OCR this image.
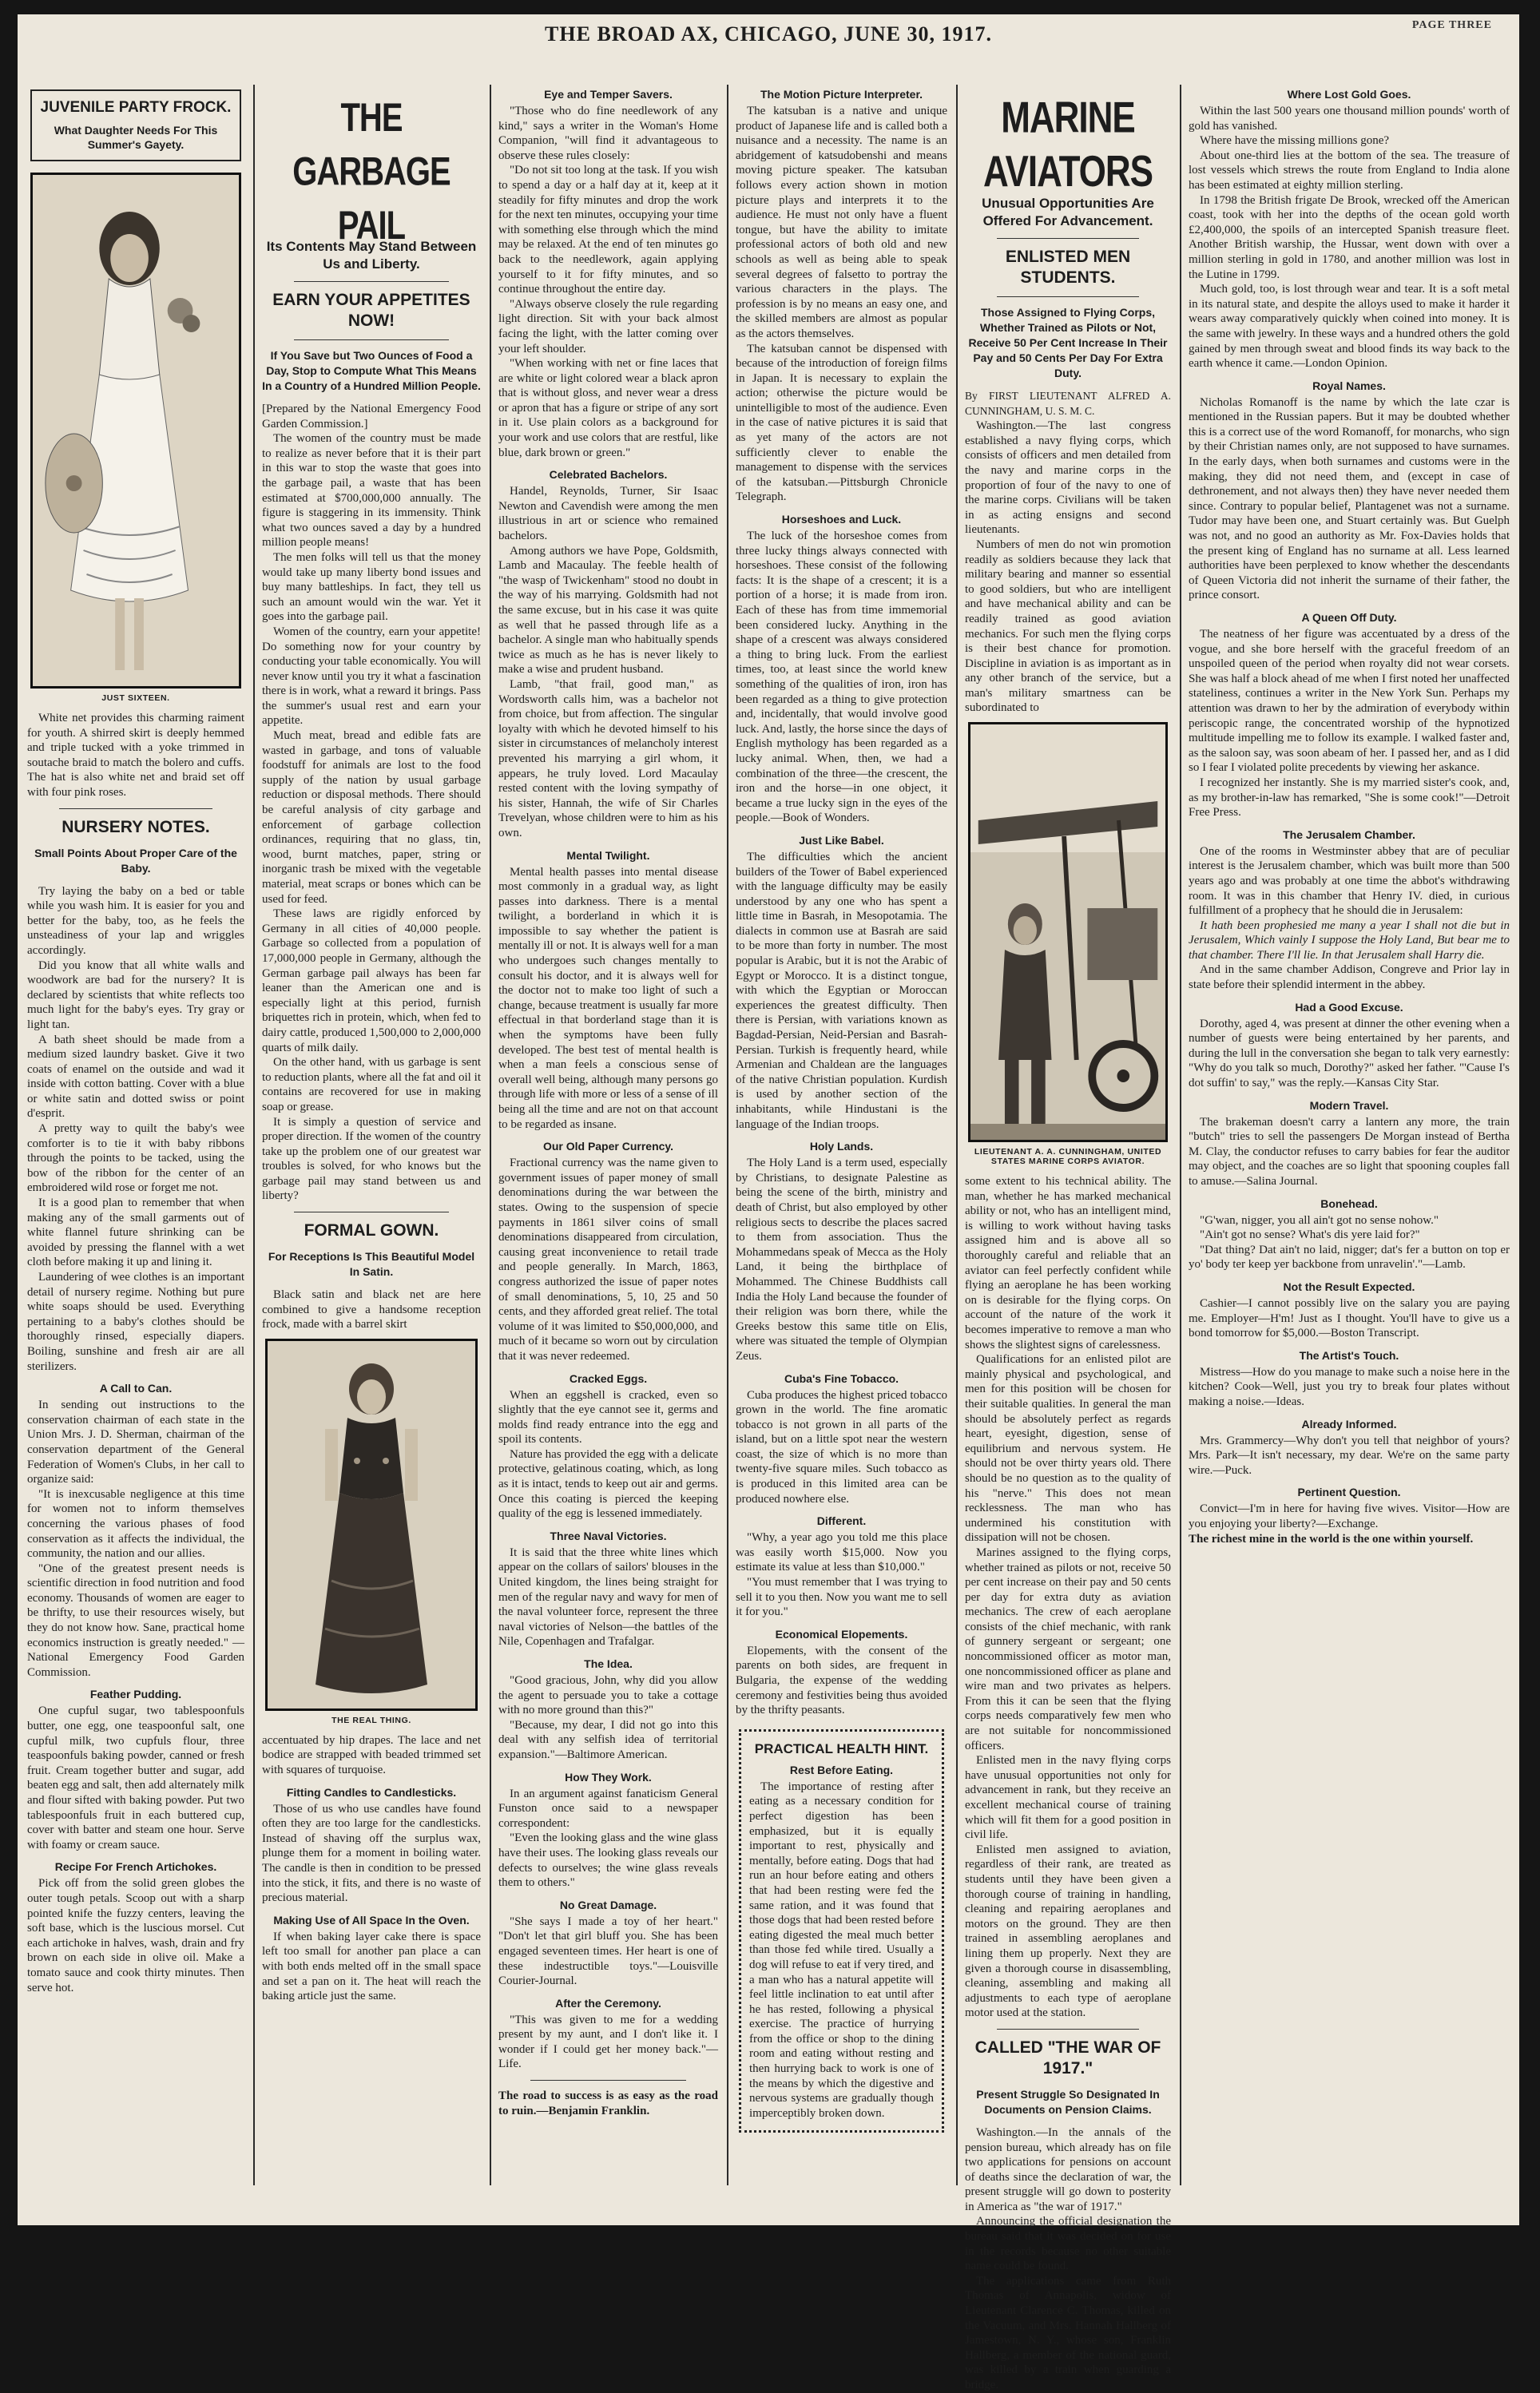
THE BROAD AX, CHICAGO, JUNE 30, 1917.	PAGE THREE
JUVENILE PARTY FROCK.
What Daughter Needs For This Summer's Gayety.
JUST SIXTEEN.

White net provides this charming raiment for youth. A shirred skirt is deeply hemmed and triple tucked with a yoke trimmed in soutache braid to match the bolero and cuffs. The hat is also white net and braid set off with four pink roses.

NURSERY NOTES.
Small Points About Proper Care of the Baby.

Try laying the baby on a bed or table while you wash him. It is easier for you and better for the baby, too, as he feels the unsteadiness of your lap and wriggles accordingly.

Did you know that all white walls and woodwork are bad for the nursery? It is declared by scientists that white reflects too much light for the baby's eyes. Try gray or light tan.

A bath sheet should be made from a medium sized laundry basket. Give it two coats of enamel on the outside and wad it inside with cotton batting. Cover with a blue or white satin and dotted swiss or point d'esprit.

A pretty way to quilt the baby's wee comforter is to tie it with baby ribbons through the points to be tacked, using the bow of the ribbon for the center of an embroidered wild rose or forget me not.

It is a good plan to remember that when making any of the small garments out of white flannel future shrinking can be avoided by pressing the flannel with a wet cloth before making it up and lining it.

Laundering of wee clothes is an important detail of nursery regime. Nothing but pure white soaps should be used. Everything pertaining to a baby's clothes should be thoroughly rinsed, especially diapers. Boiling, sunshine and fresh air are all sterilizers.

A Call to Can.

In sending out instructions to the conservation chairman of each state in the Union Mrs. J. D. Sherman, chairman of the conservation department of the General Federation of Women's Clubs, in her call to organize said:

"It is inexcusable negligence at this time for women not to inform themselves concerning the various phases of food conservation as it affects the individual, the community, the nation and our allies.

"One of the greatest present needs is scientific direction in food nutrition and food economy. Thousands of women are eager to be thrifty, to use their resources wisely, but they do not know how. Sane, practical home economics instruction is greatly needed." —National Emergency Food Garden Commission.

Feather Pudding.

One cupful sugar, two tablespoonfuls butter, one egg, one teaspoonful salt, one cupful milk, two cupfuls flour, three teaspoonfuls baking powder, canned or fresh fruit. Cream together butter and sugar, add beaten egg and salt, then add alternately milk and flour sifted with baking powder. Put two tablespoonfuls fruit in each buttered cup, cover with batter and steam one hour. Serve with foamy or cream sauce.

Recipe For French Artichokes.

Pick off from the solid green globes the outer tough petals. Scoop out with a sharp pointed knife the fuzzy centers, leaving the soft base, which is the luscious morsel. Cut each artichoke in halves, wash, drain and fry brown on each side in olive oil. Make a tomato sauce and cook thirty minutes. Then serve hot.

THE GARBAGE PAIL
Its Contents May Stand Between Us and Liberty.
EARN YOUR APPETITES NOW!
If You Save but Two Ounces of Food a Day, Stop to Compute What This Means In a Country of a Hundred Million People.

[Prepared by the National Emergency Food Garden Commission.]

The women of the country must be made to realize as never before that it is their part in this war to stop the waste that goes into the garbage pail, a waste that has been estimated at $700,000,000 annually. The figure is staggering in its immensity. Think what two ounces saved a day by a hundred million people means!

The men folks will tell us that the money would take up many liberty bond issues and buy many battleships. In fact, they tell us such an amount would win the war. Yet it goes into the garbage pail.

Women of the country, earn your appetite! Do something now for your country by conducting your table economically. You will never know until you try it what a fascination there is in work, what a reward it brings. Pass the summer's usual rest and earn your appetite.

Much meat, bread and edible fats are wasted in garbage, and tons of valuable foodstuff for animals are lost to the food supply of the nation by usual garbage reduction or disposal methods. There should be careful analysis of city garbage and enforcement of garbage collection ordinances, requiring that no glass, tin, wood, burnt matches, paper, string or inorganic trash be mixed with the vegetable material, meat scraps or bones which can be used for feed.

These laws are rigidly enforced by Germany in all cities of 40,000 people. Garbage so collected from a population of 17,000,000 people in Germany, although the German garbage pail always has been far leaner than the American one and is especially light at this period, furnish briquettes rich in protein, which, when fed to dairy cattle, produced 1,500,000 to 2,000,000 quarts of milk daily.

On the other hand, with us garbage is sent to reduction plants, where all the fat and oil it contains are recovered for use in making soap or grease.

It is simply a question of service and proper direction. If the women of the country take up the problem one of our greatest war troubles is solved, for who knows but the garbage pail may stand between us and liberty?

FORMAL GOWN.
For Receptions Is This Beautiful Model In Satin.

Black satin and black net are here combined to give a handsome reception frock, made with a barrel skirt

THE REAL THING.

accentuated by hip drapes. The lace and net bodice are strapped with beaded trimmed set with squares of turquoise.

Fitting Candles to Candlesticks.

Those of us who use candles have found often they are too large for the candlesticks. Instead of shaving off the surplus wax, plunge them for a moment in boiling water. The candle is then in condition to be pressed into the stick, it fits, and there is no waste of precious material.

Making Use of All Space In the Oven.

If when baking layer cake there is space left too small for another pan place a can with both ends melted off in the small space and set a pan on it. The heat will reach the baking article just the same.

Eye and Temper Savers.

"Those who do fine needlework of any kind," says a writer in the Woman's Home Companion, "will find it advantageous to observe these rules closely:

"Do not sit too long at the task. If you wish to spend a day or a half day at it, keep at it steadily for fifty minutes and drop the work for the next ten minutes, occupying your time with something else through which the mind may be relaxed. At the end of ten minutes go back to the needlework, again applying yourself to it for fifty minutes, and so continue throughout the entire day.

"Always observe closely the rule regarding light direction. Sit with your back almost facing the light, with the latter coming over your left shoulder.

"When working with net or fine laces that are white or light colored wear a black apron that is without gloss, and never wear a dress or apron that has a figure or stripe of any sort in it. Use plain colors as a background for your work and use colors that are restful, like blue, dark brown or green."

Celebrated Bachelors.

Handel, Reynolds, Turner, Sir Isaac Newton and Cavendish were among the men illustrious in art or science who remained bachelors.

Among authors we have Pope, Goldsmith, Lamb and Macaulay. The feeble health of "the wasp of Twickenham" stood no doubt in the way of his marrying. Goldsmith had not the same excuse, but in his case it was quite as well that he passed through life as a bachelor. A single man who habitually spends twice as much as he has is never likely to make a wise and prudent husband.

Lamb, "that frail, good man," as Wordsworth calls him, was a bachelor not from choice, but from affection. The singular loyalty with which he devoted himself to his sister in circumstances of melancholy interest prevented his marrying a girl whom, it appears, he truly loved. Lord Macaulay rested content with the loving sympathy of his sister, Hannah, the wife of Sir Charles Trevelyan, whose children were to him as his own.

Mental Twilight.

Mental health passes into mental disease most commonly in a gradual way, as light passes into darkness. There is a mental twilight, a borderland in which it is impossible to say whether the patient is mentally ill or not. It is always well for a man who undergoes such changes mentally to consult his doctor, and it is always well for the doctor not to make too light of such a change, because treatment is usually far more effectual in that borderland stage than it is when the symptoms have been fully developed. The best test of mental health is when a man feels a conscious sense of overall well being, although many persons go through life with more or less of a sense of ill being all the time and are not on that account to be regarded as insane.

Our Old Paper Currency.

Fractional currency was the name given to government issues of paper money of small denominations during the war between the states. Owing to the suspension of specie payments in 1861 silver coins of small denominations disappeared from circulation, causing great inconvenience to retail trade and people generally. In March, 1863, congress authorized the issue of paper notes of small denominations, 5, 10, 25 and 50 cents, and they afforded great relief. The total volume of it was limited to $50,000,000, and much of it became so worn out by circulation that it was never redeemed.

Cracked Eggs.

When an eggshell is cracked, even so slightly that the eye cannot see it, germs and molds find ready entrance into the egg and spoil its contents.

Nature has provided the egg with a delicate protective, gelatinous coating, which, as long as it is intact, tends to keep out air and germs. Once this coating is pierced the keeping quality of the egg is lessened immediately.

Three Naval Victories.

It is said that the three white lines which appear on the collars of sailors' blouses in the United kingdom, the lines being straight for men of the regular navy and wavy for men of the naval volunteer force, represent the three naval victories of Nelson—the battles of the Nile, Copenhagen and Trafalgar.

The Idea.

"Good gracious, John, why did you allow the agent to persuade you to take a cottage with no more ground than this?"

"Because, my dear, I did not go into this deal with any selfish idea of territorial expansion."—Baltimore American.

How They Work.

In an argument against fanaticism General Funston once said to a newspaper correspondent:

"Even the looking glass and the wine glass have their uses. The looking glass reveals our defects to ourselves; the wine glass reveals them to others."

No Great Damage.

"She says I made a toy of her heart." "Don't let that girl bluff you. She has been engaged seventeen times. Her heart is one of these indestructible toys."—Louisville Courier-Journal.

After the Ceremony.

"This was given to me for a wedding present by my aunt, and I don't like it. I wonder if I could get her money back."—Life.

The road to success is as easy as the road to ruin.—Benjamin Franklin.

The Motion Picture Interpreter.

The katsuban is a native and unique product of Japanese life and is called both a nuisance and a necessity. The name is an abridgement of katsudobenshi and means moving picture speaker. The katsuban follows every action shown in motion picture plays and interprets it to the audience. He must not only have a fluent tongue, but have the ability to imitate professional actors of both old and new schools as well as being able to speak several degrees of falsetto to portray the various characters in the plays. The profession is by no means an easy one, and the skilled members are almost as popular as the actors themselves.

The katsuban cannot be dispensed with because of the introduction of foreign films in Japan. It is necessary to explain the action; otherwise the picture would be unintelligible to most of the audience. Even in the case of native pictures it is said that as yet many of the actors are not sufficiently clever to enable the management to dispense with the services of the katsuban.—Pittsburgh Chronicle Telegraph.

Horseshoes and Luck.

The luck of the horseshoe comes from three lucky things always connected with horseshoes. These consist of the following facts: It is the shape of a crescent; it is a portion of a horse; it is made from iron. Each of these has from time immemorial been considered lucky. Anything in the shape of a crescent was always considered a thing to bring luck. From the earliest times, too, at least since the world knew something of the qualities of iron, iron has been regarded as a thing to give protection and, incidentally, that would involve good luck. And, lastly, the horse since the days of English mythology has been regarded as a lucky animal. When, then, we had a combination of the three—the crescent, the iron and the horse—in one object, it became a true lucky sign in the eyes of the people.—Book of Wonders.

Just Like Babel.

The difficulties which the ancient builders of the Tower of Babel experienced with the language difficulty may be easily understood by any one who has spent a little time in Basrah, in Mesopotamia. The dialects in common use at Basrah are said to be more than forty in number. The most popular is Arabic, but it is not the Arabic of Egypt or Morocco. It is a distinct tongue, with which the Egyptian or Moroccan experiences the greatest difficulty. Then there is Persian, with variations known as Bagdad-Persian, Neid-Persian and Basrah-Persian. Turkish is frequently heard, while Armenian and Chaldean are the languages of the native Christian population. Kurdish is used by another section of the inhabitants, while Hindustani is the language of the Indian troops.

Holy Lands.

The Holy Land is a term used, especially by Christians, to designate Palestine as being the scene of the birth, ministry and death of Christ, but also employed by other religious sects to describe the places sacred to them from association. Thus the Mohammedans speak of Mecca as the Holy Land, it being the birthplace of Mohammed. The Chinese Buddhists call India the Holy Land because the founder of their religion was born there, while the Greeks bestow this same title on Elis, where was situated the temple of Olympian Zeus.

Cuba's Fine Tobacco.

Cuba produces the highest priced tobacco grown in the world. The fine aromatic tobacco is not grown in all parts of the island, but on a little spot near the western coast, the size of which is no more than twenty-five square miles. Such tobacco as is produced in this limited area can be produced nowhere else.

Different.

"Why, a year ago you told me this place was easily worth $15,000. Now you estimate its value at less than $10,000."

"You must remember that I was trying to sell it to you then. Now you want me to sell it for you."

Economical Elopements.

Elopements, with the consent of the parents on both sides, are frequent in Bulgaria, the expense of the wedding ceremony and festivities being thus avoided by the thrifty peasants.

PRACTICAL HEALTH HINT.
Rest Before Eating.

The importance of resting after eating as a necessary condition for perfect digestion has been emphasized, but it is equally important to rest, physically and mentally, before eating. Dogs that had run an hour before eating and others that had been resting were fed the same ration, and it was found that those dogs that had been rested before eating digested the meal much better than those fed while tired. Usually a dog will refuse to eat if very tired, and a man who has a natural appetite will feel little inclination to eat until after he has rested, following a physical exercise. The practice of hurrying from the office or shop to the dining room and eating without resting and then hurrying back to work is one of the means by which the digestive and nervous systems are gradually though imperceptibly broken down.

MARINE AVIATORS
Unusual Opportunities Are Offered For Advancement.
ENLISTED MEN STUDENTS.
Those Assigned to Flying Corps, Whether Trained as Pilots or Not, Receive 50 Per Cent Increase In Their Pay and 50 Cents Per Day For Extra Duty.

By FIRST LIEUTENANT ALFRED A. CUNNINGHAM, U. S. M. C.

Washington.—The last congress established a navy flying corps, which consists of officers and men detailed from the navy and marine corps in the proportion of four of the navy to one of the marine corps. Civilians will be taken in as acting ensigns and second lieutenants.

Numbers of men do not win promotion readily as soldiers because they lack that military bearing and manner so essential to good soldiers, but who are intelligent and have mechanical ability and can be readily trained as good aviation mechanics. For such men the flying corps is their best chance for promotion. Discipline in aviation is as important as in any other branch of the service, but a man's military smartness can be subordinated to

LIEUTENANT A. A. CUNNINGHAM, UNITED STATES MARINE CORPS AVIATOR.

some extent to his technical ability. The man, whether he has marked mechanical ability or not, who has an intelligent mind, is willing to work without having tasks assigned him and is above all so thoroughly careful and reliable that an aviator can feel perfectly confident while flying an aeroplane he has been working on is desirable for the flying corps. On account of the nature of the work it becomes imperative to remove a man who shows the slightest signs of carelessness.

Qualifications for an enlisted pilot are mainly physical and psychological, and men for this position will be chosen for their suitable qualities. In general the man should be absolutely perfect as regards heart, eyesight, digestion, sense of equilibrium and nervous system. He should not be over thirty years old. There should be no question as to the quality of his "nerve." This does not mean recklessness. The man who has undermined his constitution with dissipation will not be chosen.

Marines assigned to the flying corps, whether trained as pilots or not, receive 50 per cent increase on their pay and 50 cents per day for extra duty as aviation mechanics. The crew of each aeroplane consists of the chief mechanic, with rank of gunnery sergeant or sergeant; one noncommissioned officer as motor man, one noncommissioned officer as plane and wire man and two privates as helpers. From this it can be seen that the flying corps needs comparatively few men who are not suitable for noncommissioned officers.

Enlisted men in the navy flying corps have unusual opportunities not only for advancement in rank, but they receive an excellent mechanical course of training which will fit them for a good position in civil life.

Enlisted men assigned to aviation, regardless of their rank, are treated as students until they have been given a thorough course of training in handling, cleaning and repairing aeroplanes and motors on the ground. They are then trained in assembling aeroplanes and lining them up properly. Next they are given a thorough course in disassembling, cleaning, assembling and making all adjustments to each type of aeroplane motor used at the station.

CALLED "THE WAR OF 1917."
Present Struggle So Designated In Documents on Pension Claims.

Washington.—In the annals of the pension bureau, which already has on file two applications for pensions on account of deaths since the declaration of war, the present struggle will go down to posterity in America as "the war of 1917."

Announcing the official designation the bureau said that it was decided on for use in the records because no other suitable name could be found.

The applications came from Ruth Thomas of Annapolis, widow of Lieutenant Clarence C. Thomas, killed on the Vacuum, and Mrs. Hannah Hallberg of Jamestown, N. Y., whose son, Franklin Hallberg, a member of the national guard, was killed by a train when guarding a bridge.

Where Lost Gold Goes.

Within the last 500 years one thousand million pounds' worth of gold has vanished.

Where have the missing millions gone?

About one-third lies at the bottom of the sea. The treasure of lost vessels which strews the route from England to India alone has been estimated at eighty million sterling.

In 1798 the British frigate De Brook, wrecked off the American coast, took with her into the depths of the ocean gold worth £2,400,000, the spoils of an intercepted Spanish treasure fleet. Another British warship, the Hussar, went down with over a million sterling in gold in 1780, and another million was lost in the Lutine in 1799.

Much gold, too, is lost through wear and tear. It is a soft metal in its natural state, and despite the alloys used to make it harder it wears away comparatively quickly when coined into money. It is the same with jewelry. In these ways and a hundred others the gold gained by men through sweat and blood finds its way back to the earth whence it came.—London Opinion.

Royal Names.

Nicholas Romanoff is the name by which the late czar is mentioned in the Russian papers. But it may be doubted whether this is a correct use of the word Romanoff, for monarchs, who sign by their Christian names only, are not supposed to have surnames. In the early days, when both surnames and customs were in the making, they did not need them, and (except in case of dethronement, and not always then) they have never needed them since. Contrary to popular belief, Plantagenet was not a surname. Tudor may have been one, and Stuart certainly was. But Guelph was not, and no good an authority as Mr. Fox-Davies holds that the present king of England has no surname at all. Less learned authorities have been perplexed to know whether the descendants of Queen Victoria did not inherit the surname of their father, the prince consort.

A Queen Off Duty.

The neatness of her figure was accentuated by a dress of the vogue, and she bore herself with the graceful freedom of an unspoiled queen of the period when royalty did not wear corsets. She was half a block ahead of me when I first noted her unaffected stateliness, continues a writer in the New York Sun. Perhaps my attention was drawn to her by the admiration of everybody within periscopic range, the concentrated worship of the hypnotized multitude impelling me to follow its example. I walked faster and, as the saloon say, was soon abeam of her. I passed her, and as I did so I fear I violated polite precedents by viewing her askance.

I recognized her instantly. She is my married sister's cook, and, as my brother-in-law has remarked, "She is some cook!"—Detroit Free Press.

The Jerusalem Chamber.

One of the rooms in Westminster abbey that are of peculiar interest is the Jerusalem chamber, which was built more than 500 years ago and was probably at one time the abbot's withdrawing room. It was in this chamber that Henry IV. died, in curious fulfillment of a prophecy that he should die in Jerusalem:

It hath been prophesied me many a year I shall not die but in Jerusalem, Which vainly I suppose the Holy Land, But bear me to that chamber. There I'll lie. In that Jerusalem shall Harry die.

And in the same chamber Addison, Congreve and Prior lay in state before their splendid interment in the abbey.

Had a Good Excuse.

Dorothy, aged 4, was present at dinner the other evening when a number of guests were being entertained by her parents, and during the lull in the conversation she began to talk very earnestly: "Why do you talk so much, Dorothy?" asked her father. "'Cause I's dot suffin' to say," was the reply.—Kansas City Star.

Modern Travel.

The brakeman doesn't carry a lantern any more, the train "butch" tries to sell the passengers De Morgan instead of Bertha M. Clay, the conductor refuses to carry babies for fear the auditor may object, and the coaches are so light that spooning couples fall to amuse.—Salina Journal.

Bonehead.

"G'wan, nigger, you all ain't got no sense nohow."

"Ain't got no sense? What's dis yere laid for?"

"Dat thing? Dat ain't no laid, nigger; dat's fer a button on top er yo' body ter keep yer backbone from unravelin'."—Lamb.

Not the Result Expected.

Cashier—I cannot possibly live on the salary you are paying me. Employer—H'm! Just as I thought. You'll have to give us a bond tomorrow for $5,000.—Boston Transcript.

The Artist's Touch.

Mistress—How do you manage to make such a noise here in the kitchen? Cook—Well, just you try to break four plates without making a noise.—Ideas.

Already Informed.

Mrs. Grammercy—Why don't you tell that neighbor of yours? Mrs. Park—It isn't necessary, my dear. We're on the same party wire.—Puck.

Pertinent Question.

Convict—I'm in here for having five wives. Visitor—How are you enjoying your liberty?—Exchange.

The richest mine in the world is the one within yourself.
